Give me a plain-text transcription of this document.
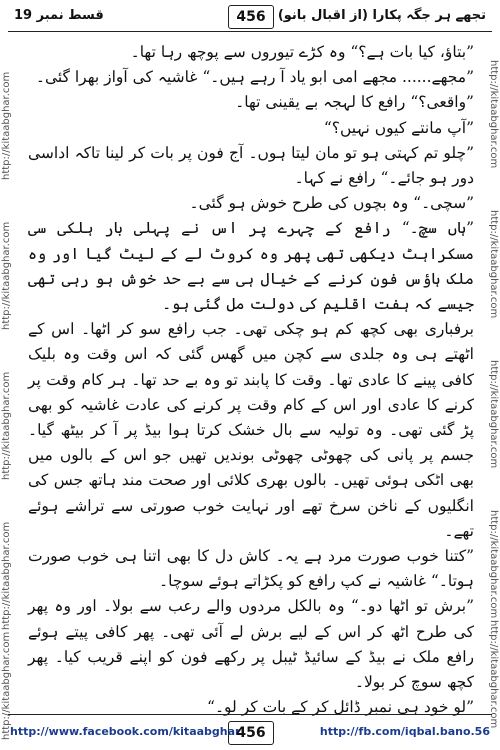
قسط نمبر 19	456 تجھے ہر جگہ پکارا (از اقبال بانو)
http://kitaabghar.com
http://kitaabghar.com
http://kitaabghar.com
http://kitaabghar.com
http://kitaabghar.com
http://kitaabghar.com
http://kitaabghar.com
http://kitaabghar.com
http://kitaabghar.com
http://kitaabghar.com

”بتاؤ، کیا بات ہے؟“ وہ کڑے تیوروں سے پوچھ رہا تھا۔

”مجھے...... مجھے امی ابو یاد آ رہے ہیں۔“ غاشیہ کی آواز بھرا گئی۔

”واقعی؟“ رافع کا لہجہ بے یقینی تھا۔

”آپ مانتے کیوں نہیں؟“

”چلو تم کہتی ہو تو مان لیتا ہوں۔ آج فون پر بات کر لینا تاکہ اداسی دور ہو جائے۔“ رافع نے کہا۔

”سچی۔“ وہ بچوں کی طرح خوش ہو گئی۔

”ہاں سچ۔“ رافع کے چہرے پر اس نے پہلی بار ہلکی سی مسکراہٹ دیکھی تھی پھر وہ کروٹ لے کے لیٹ گیا اور وہ ملک ہاؤس فون کرنے کے خیال ہی سے بے حد خوش ہو رہی تھی جیسے کہ ہفت اقلیم کی دولت مل گئی ہو۔

برفباری بھی کچھ کم ہو چکی تھی۔ جب رافع سو کر اٹھا۔ اس کے اٹھتے ہی وہ جلدی سے کچن میں گھس گئی کہ اس وقت وہ بلیک کافی پینے کا عادی تھا۔ وقت کا پابند تو وہ بے حد تھا۔ ہر کام وقت پر کرنے کا عادی اور اس کے کام وقت پر کرنے کی عادت غاشیہ کو بھی پڑ گئی تھی۔ وہ تولیہ سے بال خشک کرتا ہوا بیڈ پر آ کر بیٹھ گیا۔ جسم پر پانی کی چھوٹی چھوٹی بوندیں تھیں جو اس کے بالوں میں بھی اٹکی ہوئی تھیں۔ بالوں بھری کلائی اور صحت مند ہاتھ جس کی انگلیوں کے ناخن سرخ تھے اور نہایت خوب صورتی سے تراشے ہوئے تھے۔

”کتنا خوب صورت مرد ہے یہ۔ کاش دل کا بھی اتنا ہی خوب صورت ہوتا۔“ غاشیہ نے کپ رافع کو پکڑاتے ہوئے سوچا۔

”برش تو اٹھا دو۔“ وہ بالکل مردوں والے رعب سے بولا۔ اور وہ پھر کی طرح اٹھ کر اس کے لیے برش لے آئی تھی۔ پھر کافی پیتے ہوئے رافع ملک نے بیڈ کے سائیڈ ٹیبل پر رکھے فون کو اپنے قریب کیا۔ پھر کچھ سوچ کر بولا۔

”لو خود ہی نمبر ڈائل کر کے بات کر لو۔“

http://www.facebook.com/kitaabghar
456	http://fb.com/iqbal.bano.56
